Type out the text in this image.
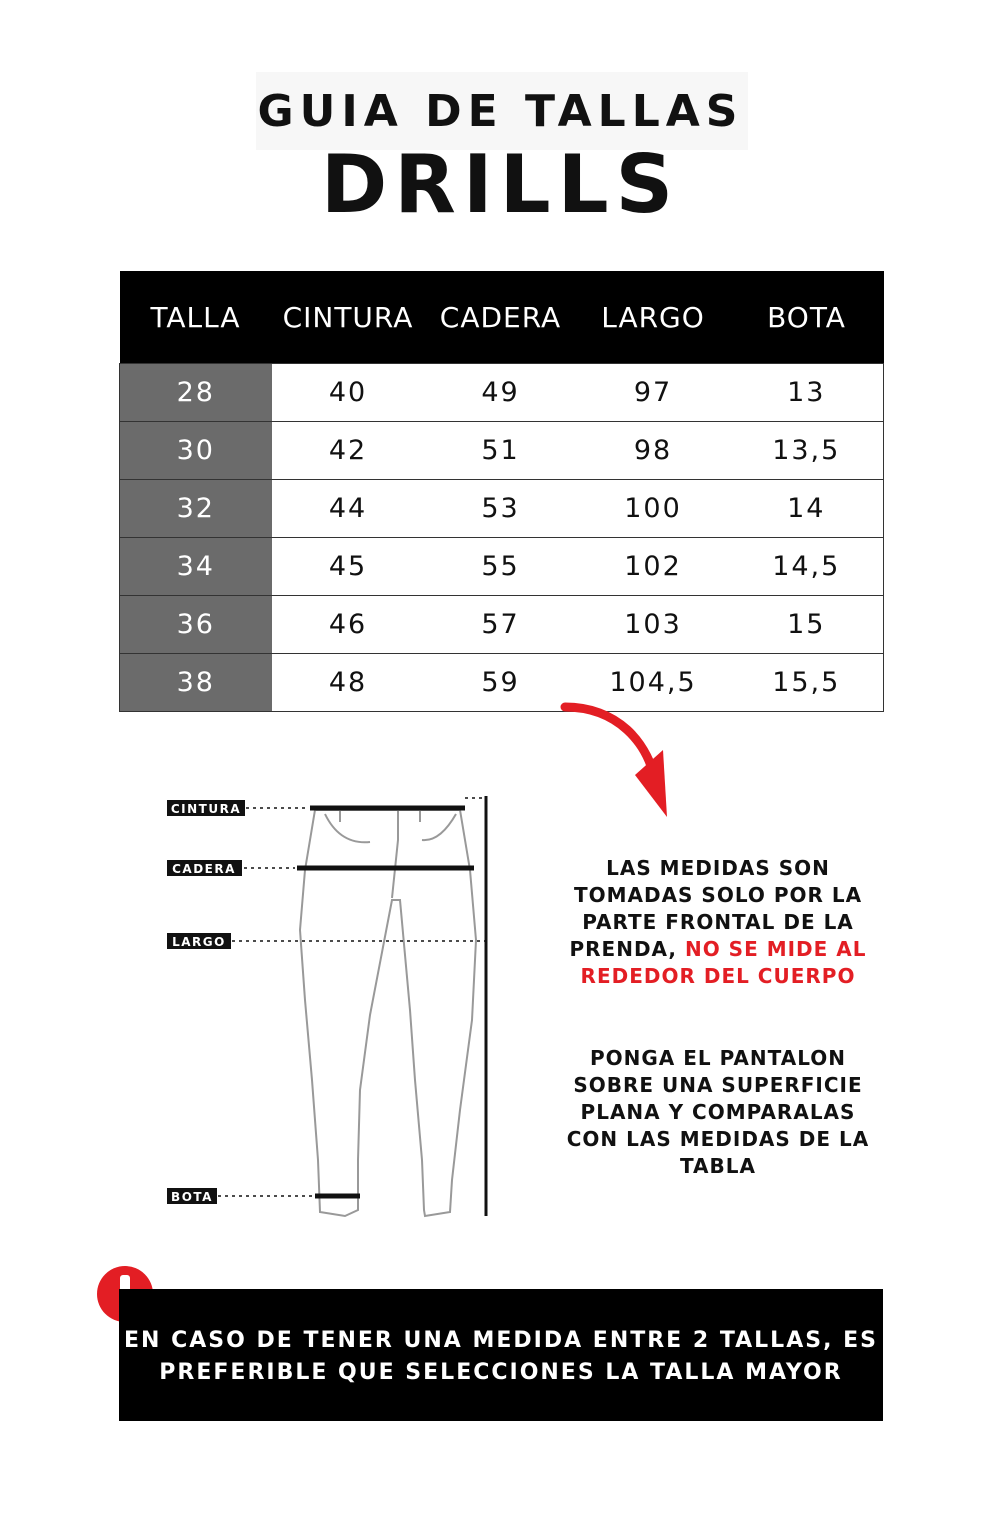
GUIA DE TALLAS
DRILLS
TALLA	CINTURA	CADERA	LARGO	BOTA
28	40	49	97	13
30	42	51	98	13,5
32	44	53	100	14
34	45	55	102	14,5
36	46	57	103	15
38	48	59	104,5	15,5
CINTURA
CADERA
LARGO
BOTA
LAS MEDIDAS SON TOMADAS SOLO POR LA PARTE FRONTAL DE LA PRENDA, NO SE MIDE AL REDEDOR DEL CUERPO
PONGA EL PANTALON SOBRE UNA SUPERFICIE PLANA Y COMPARALAS CON LAS MEDIDAS DE LA TABLA
EN CASO DE TENER UNA MEDIDA ENTRE 2 TALLAS, ES
PREFERIBLE QUE SELECCIONES LA TALLA MAYOR
